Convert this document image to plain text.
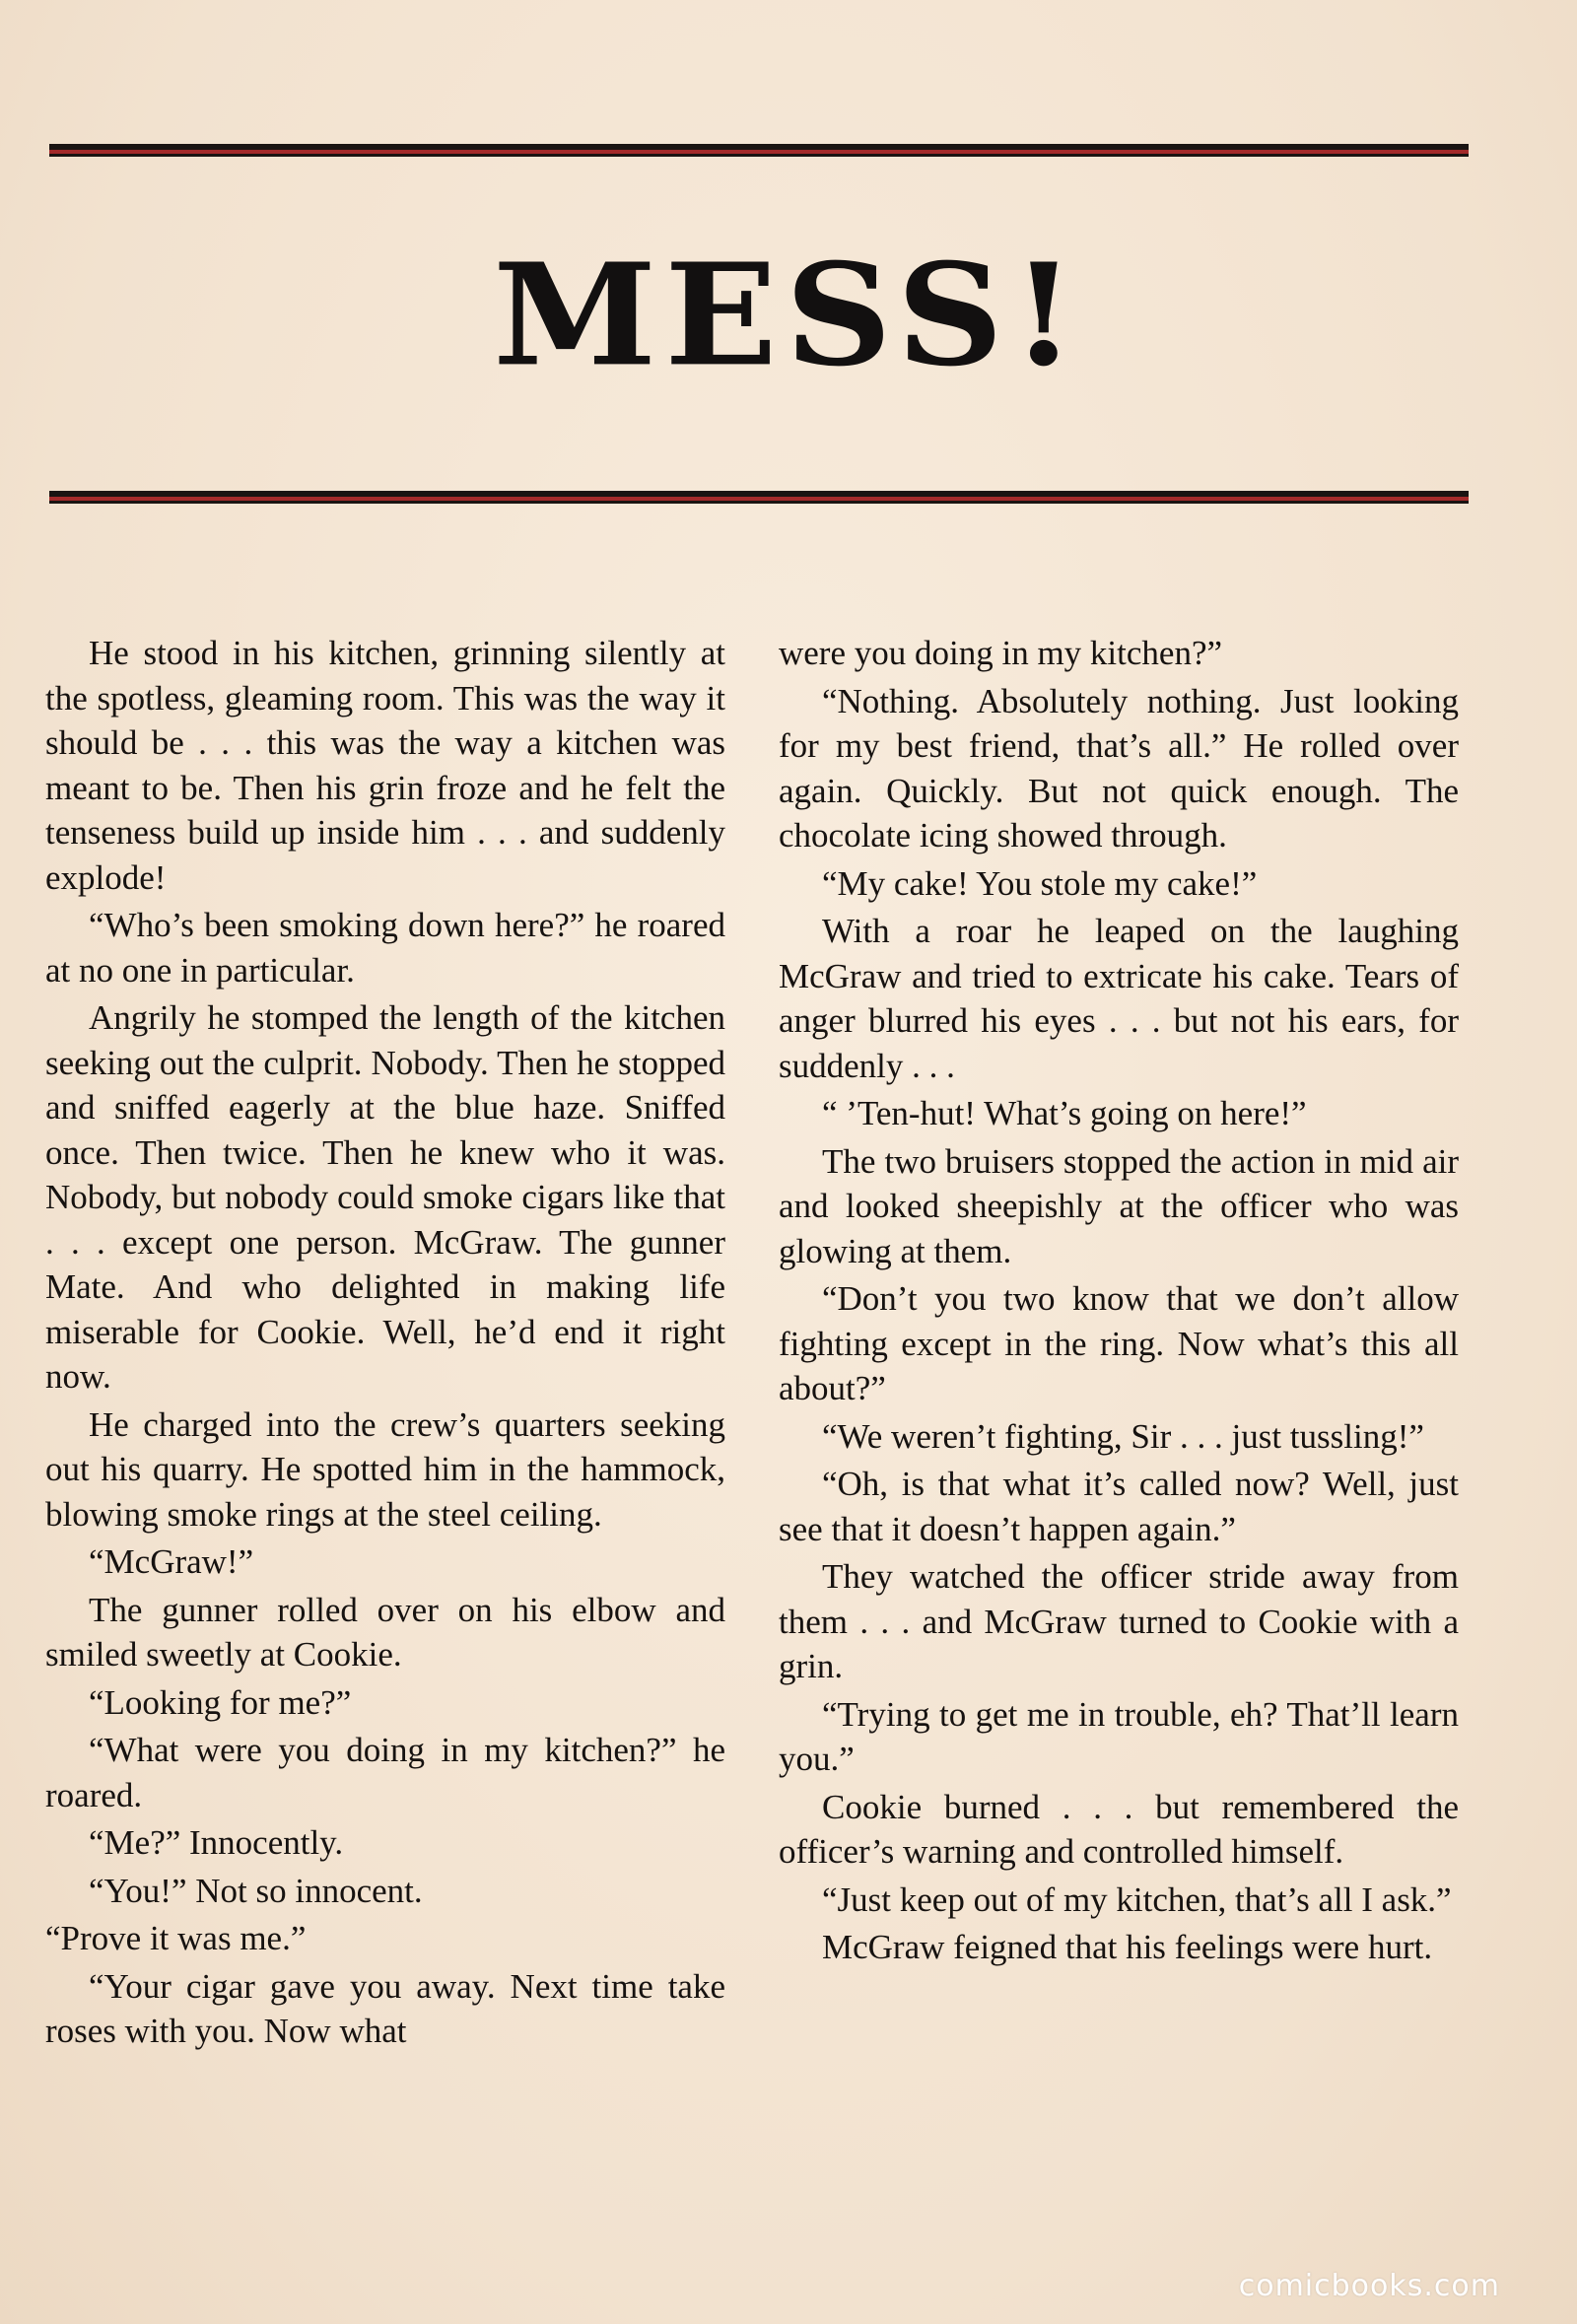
MESS!

He stood in his kitchen, grinning silently at the spotless, gleaming room. This was the way it should be . . . this was the way a kitchen was meant to be. Then his grin froze and he felt the tenseness build up inside him . . . and suddenly explode!

“Who’s been smoking down here?” he roared at no one in particular.

Angrily he stomped the length of the kitchen seeking out the culprit. Nobody. Then he stopped and sniffed eagerly at the blue haze. Sniffed once. Then twice. Then he knew who it was. Nobody, but nobody could smoke cigars like that . . . except one person. McGraw. The gunner Mate. And who delighted in making life miserable for Cookie. Well, he’d end it right now.

He charged into the crew’s quarters seeking out his quarry. He spotted him in the hammock, blowing smoke rings at the steel ceiling.

“McGraw!”

The gunner rolled over on his elbow and smiled sweetly at Cookie.

“Looking for me?”

“What were you doing in my kitchen?” he roared.

“Me?” Innocently.

“You!” Not so innocent.

“Prove it was me.”

“Your cigar gave you away. Next time take roses with you. Now what

were you doing in my kitchen?”

“Nothing. Absolutely nothing. Just looking for my best friend, that’s all.” He rolled over again. Quickly. But not quick enough. The chocolate icing showed through.

“My cake! You stole my cake!”

With a roar he leaped on the laughing McGraw and tried to extricate his cake. Tears of anger blurred his eyes . . . but not his ears, for suddenly . . .

“ ’Ten-hut! What’s going on here!”

The two bruisers stopped the action in mid air and looked sheepishly at the officer who was glowing at them.

“Don’t you two know that we don’t allow fighting except in the ring. Now what’s this all about?”

“We weren’t fighting, Sir . . . just tussling!”

“Oh, is that what it’s called now? Well, just see that it doesn’t happen again.”

They watched the officer stride away from them . . . and McGraw turned to Cookie with a grin.

“Trying to get me in trouble, eh? That’ll learn you.”

Cookie burned . . . but remembered the officer’s warning and controlled himself.

“Just keep out of my kitchen, that’s all I ask.”

McGraw feigned that his feelings were hurt.

comicbooks.com
